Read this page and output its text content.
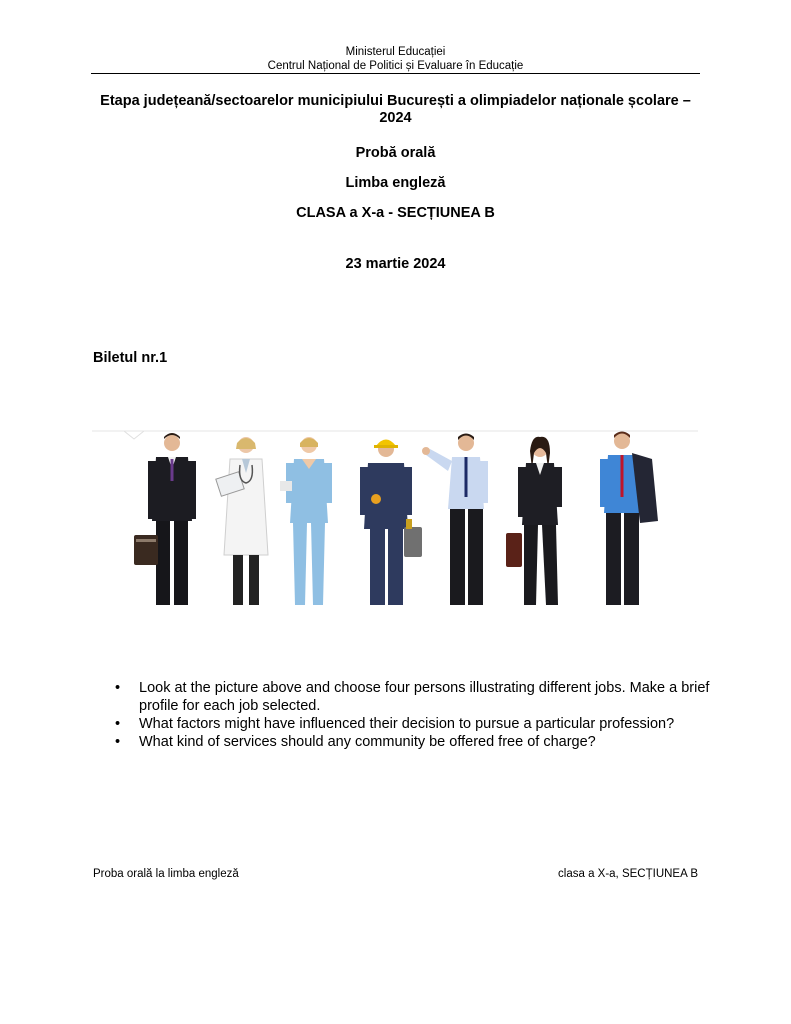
Ministerul Educației
Centrul Național de Politici și Evaluare în Educație
Etapa județeană/sectoarelor municipiului București a olimpiadelor naționale școlare – 2024
Probă orală
Limba engleză
CLASA a X-a - SECȚIUNEA B
23 martie 2024
Biletul nr.1
• Look at the picture above and choose four persons illustrating different jobs. Make a brief profile for each job selected.
• What factors might have influenced their decision to pursue a particular profession?
• What kind of services should any community be offered free of charge?
Proba orală la limba engleză	clasa a X-a, SECȚIUNEA B
